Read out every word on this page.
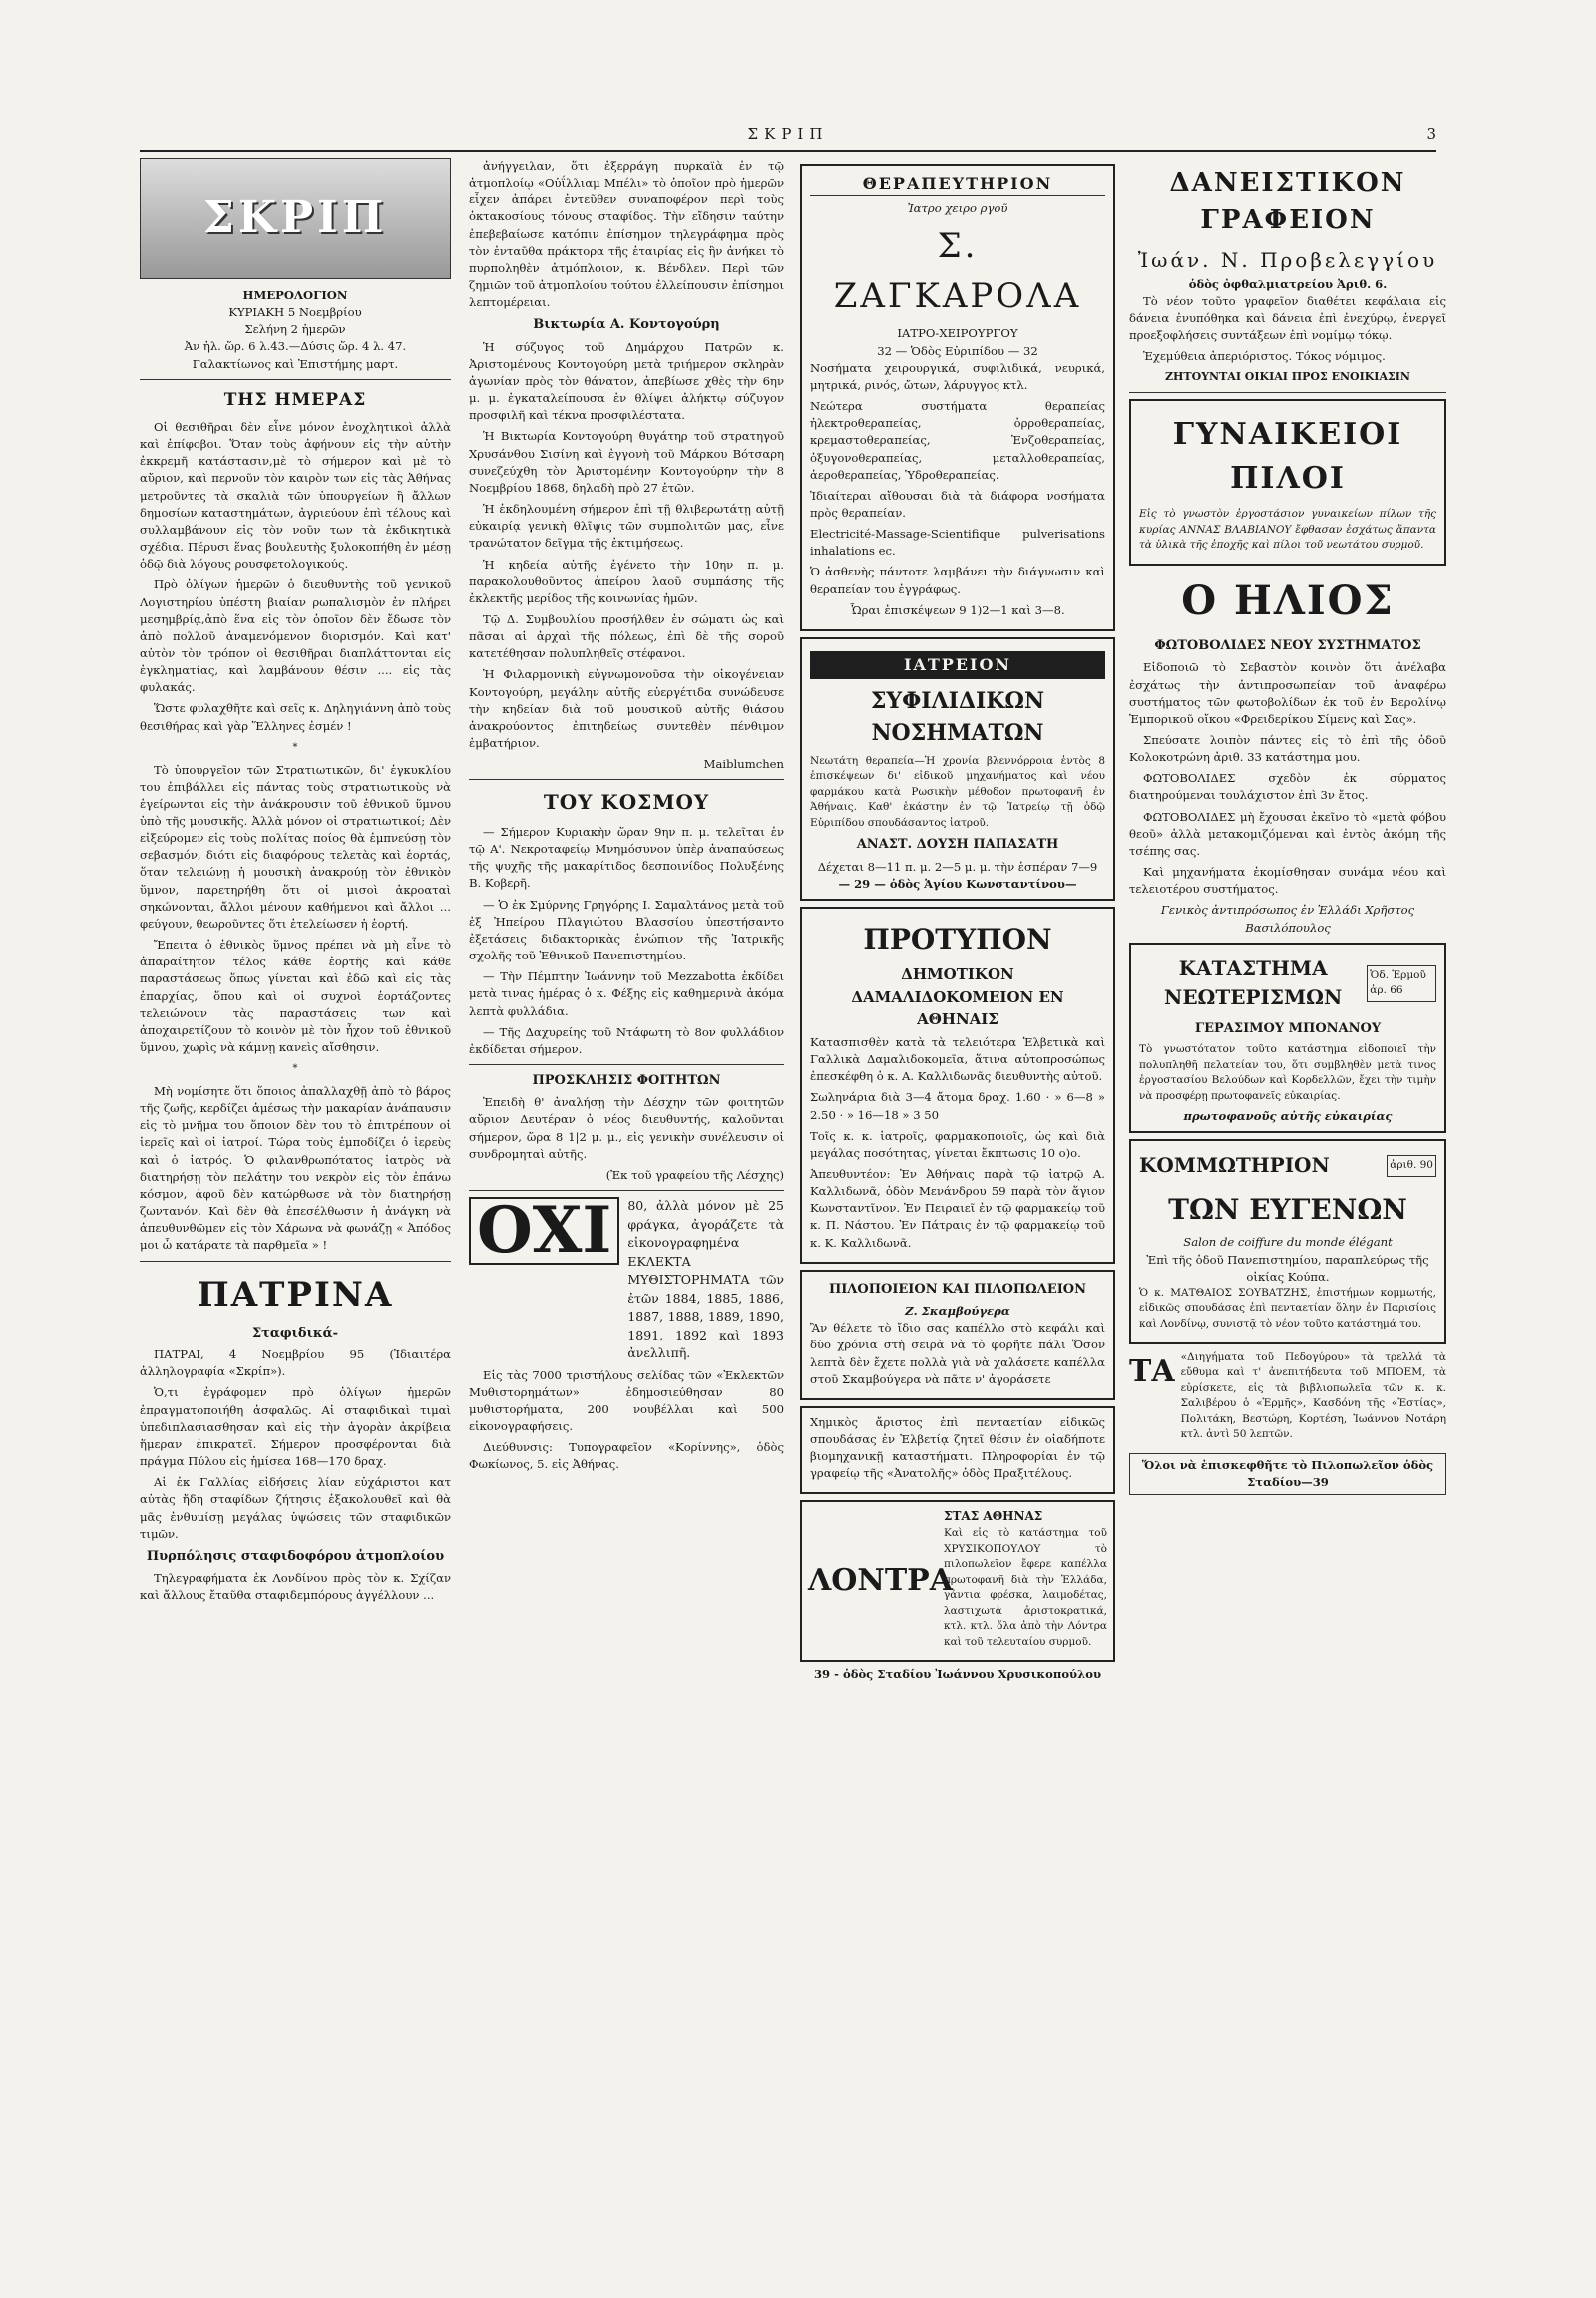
ΣΚΡΙΠ	3
ΣΚΡΙΠ
ΗΜΕΡΟΛΟΓΙΟΝ
ΚΥΡΙΑΚΗ 5 Νοεμβρίου
Σελήνη 2 ἡμερῶν
Ἀν ἡλ. ὥρ. 6 λ.43.—Δύσις ὥρ. 4 λ. 47.
Γαλακτίωνος καὶ Ἐπιστήμης μαρτ.
ΤΗΣ ΗΜΕΡΑΣ

Οἱ θεσιθῆραι δὲν εἶνε μόνον ἐνοχλητικοὶ ἀλλὰ καὶ ἐπίφοβοι. Ὅταν τοὺς ἀφήνουν εἰς τὴν αὐτὴν ἐκκρεμῆ κατάστασιν,μὲ τὸ σήμερον καὶ μὲ τὸ αὔριον, καὶ περνοῦν τὸν καιρὸν των εἰς τὰς Ἀθήνας μετροῦντες τὰ σκαλιὰ τῶν ὑπουργείων ἢ ἄλλων δημοσίων καταστημάτων, ἀγριεύουν ἐπὶ τέλους καὶ συλλαμβάνουν εἰς τὸν νοῦν των τὰ ἐκδικητικὰ σχέδια. Πέρυσι ἕνας βουλευτὴς ξυλοκοπήθη ἐν μέσῃ ὁδῷ διὰ λόγους ρουσφετολογικούς.

Πρὸ ὀλίγων ἡμερῶν ὁ διευθυντὴς τοῦ γενικοῦ Λογιστηρίου ὑπέστη βιαίαν ρωπαλισμὸν ἐν πλήρει μεσημβρίᾳ,ἀπὸ ἕνα εἰς τὸν ὁποῖον δὲν ἔδωσε τὸν ἀπὸ πολλοῦ ἀναμενόμενον διορισμόν. Καὶ κατ' αὐτὸν τὸν τρόπον οἱ θεσιθῆραι διαπλάττονται εἰς ἐγκληματίας, καὶ λαμβάνουν θέσιν .... εἰς τὰς φυλακάς.

Ὥστε φυλαχθῆτε καὶ σεῖς κ. Δηληγιάννη ἀπὸ τοὺς θεσιθήρας καὶ γὰρ Ἕλληνες ἐσμέν !

*

Τὸ ὑπουργεῖον τῶν Στρατιωτικῶν, δι' ἐγκυκλίου του ἐπιβάλλει εἰς πάντας τοὺς στρατιωτικοὺς νὰ ἐγείρωνται εἰς τὴν ἀνάκρουσιν τοῦ ἐθνικοῦ ὕμνου ὑπὸ τῆς μουσικῆς. Ἀλλὰ μόνον οἱ στρατιωτικοί; Δὲν εἰξεύρομεν εἰς τοὺς πολίτας ποίος θὰ ἐμπνεύσῃ τὸν σεβασμόν, διότι εἰς διαφόρους τελετὰς καὶ ἑορτάς, ὅταν τελειώνῃ ἡ μουσικὴ ἀνακρούῃ τὸν ἐθνικὸν ὕμνον, παρετηρήθη ὅτι οἱ μισοὶ ἀκροαταὶ σηκώνονται, ἄλλοι μένουν καθήμενοι καὶ ἄλλοι ... φεύγουν, θεωροῦντες ὅτι ἐτελείωσεν ἡ ἑορτή.

Ἔπειτα ὁ ἐθνικὸς ὕμνος πρέπει νὰ μὴ εἶνε τὸ ἀπαραίτητον τέλος κάθε ἑορτῆς καὶ κάθε παραστάσεως ὅπως γίνεται καὶ ἐδῶ καὶ εἰς τὰς ἐπαρχίας, ὅπου καὶ οἱ συχνοὶ ἑορτάζοντες τελειώνουν τὰς παραστάσεις των καὶ ἀποχαιρετίζουν τὸ κοινὸν μὲ τὸν ἦχον τοῦ ἐθνικοῦ ὕμνου, χωρὶς νὰ κάμνῃ κανεὶς αἴσθησιν.

*

Μὴ νομίσητε ὅτι ὅποιος ἀπαλλαχθῇ ἀπὸ τὸ βάρος τῆς ζωῆς, κερδίζει ἀμέσως τὴν μακαρίαν ἀνάπαυσιν εἰς τὸ μνῆμα του ὅποιον δὲν του τὸ ἐπιτρέπουν οἱ ἱερεῖς καὶ οἱ ἰατροί. Τώρα τοὺς ἐμποδίζει ὁ ἰερεὺς καὶ ὁ ἰατρός. Ὁ φιλανθρωπότατος ἰατρὸς νὰ διατηρήσῃ τὸν πελάτην του νεκρὸν εἰς τὸν ἐπάνω κόσμον, ἀφοῦ δὲν κατώρθωσε νὰ τὸν διατηρήσῃ ζωντανόν. Καὶ δὲν θὰ ἐπεσέλθωσιν ἡ ἀνάγκη νὰ ἀπευθυνθῶμεν εἰς τὸν Χάρωνα νὰ φωνάζῃ « Ἀπόδος μοι ὦ κατάρατε τὰ παρθμεῖα » !

ΠΑΤΡΙΝΑ
Σταφιδικά-

ΠΑΤΡΑΙ, 4 Νοεμβρίου 95 (Ἰδιαιτέρα ἀλληλογραφία «Σκρίπ»).

Ὁ,τι ἐγράφομεν πρὸ ὀλίγων ἡμερῶν ἐπραγματοποιήθη ἀσφαλῶς. Αἱ σταφιδικαὶ τιμαὶ ὑπεδιπλασιασθησαν καὶ εἰς τὴν ἀγορὰν ἀκρίβεια ἥμεραν ἐπικρατεῖ. Σήμερον προσφέρονται διὰ πράγμα Πύλου εἰς ἡμίσεα 168—170 δραχ.

Αἱ ἐκ Γαλλίας εἰδήσεις λίαν εὐχάριστοι κατ αὐτὰς ἤδη σταφίδων ζήτησις ἐξακολουθεῖ καὶ θὰ μᾶς ἐνθυμίσῃ μεγάλας ὑψώσεις τῶν σταφιδικῶν τιμῶν.

Πυρπόλησις σταφιδοφόρου ἀτμοπλοίου

Τηλεγραφήματα ἐκ Λονδίνου πρὸς τὸν κ. Σχίζαν καὶ ἄλλους ἔταῦθα σταφιδεμπόρους ἀγγέλλουν ...

ἀνήγγειλαν, ὅτι ἐξερράγη πυρκαϊὰ ἐν τῷ ἀτμοπλοίῳ «Οὐΐλλιαμ Μπέλι» τὸ ὁποῖον πρὸ ἡμερῶν εἶχεν ἀπάρει ἐντεῦθεν συναποφέρον περὶ τοὺς ὀκτακοσίους τόνους σταφίδος. Τὴν εἴδησιν ταύτην ἐπεβεβαίωσε κατόπιν ἐπίσημον τηλεγράφημα πρὸς τὸν ἐνταῦθα πράκτορα τῆς ἑταιρίας εἰς ἣν ἀνήκει τὸ πυρποληθὲν ἀτμόπλοιον, κ. Βένδλεν. Περὶ τῶν ζημιῶν τοῦ ἀτμοπλοίου τούτου ἐλλείπουσιν ἐπίσημοι λεπτομέρειαι.

Βικτωρία Α. Κοντογούρη

Ἡ σύζυγος τοῦ Δημάρχου Πατρῶν κ. Ἀριστομένους Κοντογούρη μετὰ τριήμερον σκληρὰν ἀγωνίαν πρὸς τὸν θάνατον, ἀπεβίωσε χθὲς τὴν 6ην μ. μ. ἐγκαταλείπουσα ἐν θλίψει ἀλήκτῳ σύζυγον προσφιλῆ καὶ τέκνα προσφιλέστατα.

Ἡ Βικτωρία Κοντογούρη θυγάτηρ τοῦ στρατηγοῦ Χρυσάνθου Σισίνη καὶ ἐγγονὴ τοῦ Μάρκου Βότσαρη συνεζεύχθη τὸν Ἀριστομένην Κοντογούρην τὴν 8 Νοεμβρίου 1868, δηλαδὴ πρὸ 27 ἐτῶν.

Ἡ ἐκδηλουμένη σήμερον ἐπὶ τῇ θλιβερωτάτῃ αὐτῇ εὐκαιρίᾳ γενικὴ θλῖψις τῶν συμπολιτῶν μας, εἶνε τρανώτατον δεῖγμα τῆς ἐκτιμήσεως.

Ἡ κηδεία αὐτῆς ἐγένετο τὴν 10ην π. μ. παρακολουθοῦντος ἀπείρου λαοῦ συμπάσης τῆς ἐκλεκτῆς μερίδος τῆς κοινωνίας ἡμῶν.

Τῷ Δ. Συμβουλίου προσήλθεν ἐν σώματι ὡς καὶ πᾶσαι αἱ ἀρχαὶ τῆς πόλεως, ἐπὶ δὲ τῆς σοροῦ κατετέθησαν πολυπληθεῖς στέφανοι.

Ἡ Φιλαρμονικὴ εὐγνωμονοῦσα τὴν οἰκογένειαν Κοντογούρη, μεγάλην αὐτῆς εὐεργέτιδα συνώδευσε τὴν κηδείαν διὰ τοῦ μουσικοῦ αὐτῆς θιάσου ἀνακρούοντος ἐπιτηδείως συντεθὲν πένθιμον ἐμβατήριον.

Maiblumchen
ΤΟΥ ΚΟΣΜΟΥ

— Σήμερον Κυριακὴν ὥραν 9ην π. μ. τελεῖται ἐν τῷ Α'. Νεκροταφείῳ Μνημόσυνον ὑπὲρ ἀναπαύσεως τῆς ψυχῆς τῆς μακαρίτιδος δεσποινίδος Πολυξένης Β. Κοβερῆ.

— Ὁ ἐκ Σμύρνης Γρηγόρης Ι. Σαμαλτάνος μετὰ τοῦ ἐξ Ἠπείρου Πλαγιώτου Βλασσίου ὑπεστήσαντο ἐξετάσεις διδακτορικὰς ἐνώπιον τῆς Ἰατρικῆς σχολῆς τοῦ Ἐθνικοῦ Πανεπιστημίου.

— Τὴν Πέμπτην Ἰωάννην τοῦ Mezzabotta ἐκδίδει μετὰ τινας ἡμέρας ὁ κ. Φέξης εἰς καθημερινὰ ἀκόμα λεπτὰ φυλλάδια.

— Τῆς Δαχυρείης τοῦ Ντάφωτη τὸ 8ον φυλλάδιον ἐκδίδεται σήμερον.

ΠΡΟΣΚΛΗΣΙΣ ΦΟΙΤΗΤΩΝ

Ἐπειδὴ θ' ἀναλήσῃ τὴν Δέσχην τῶν φοιτητῶν αὔριον Δευτέραν ὁ νέος διευθυντής, καλοῦνται σήμερον, ὥρα 8 1|2 μ. μ., εἰς γενικὴν συνέλευσιν οἱ συνδρομηταὶ αὐτῆς.

(Ἐκ τοῦ γραφείου τῆς Λέσχης)
ΟΧΙ	80, ἀλλὰ μόνον μὲ 25 φράγκα, ἀγοράζετε τὰ εἰκονογραφημένα ΕΚΛΕΚΤΑ ΜΥΘΙΣΤΟΡΗΜΑΤΑ τῶν ἐτῶν 1884, 1885, 1886, 1887, 1888, 1889, 1890, 1891, 1892 καὶ 1893 ἀνελλιπῆ.

Εἰς τὰς 7000 τριστήλους σελίδας τῶν «Ἐκλεκτῶν Μυθιστορημάτων» ἐδημοσιεύθησαν 80 μυθιστορήματα, 200 νουβέλλαι καὶ 500 εἰκονογραφήσεις.

Διεύθυνσις: Τυπογραφεῖον «Κορίννης», ὁδὸς Φωκίωνος, 5. εἰς Ἀθήνας.

ΘΕΡΑΠΕΥΤΗΡΙΟΝ
Ἰατρο χειρο ργοῦ
Σ. ΖΑΓΚΑΡΟΛΑ
ΙΑΤΡΟ-ΧΕΙΡΟΥΡΓΟΥ
32 — Ὁδὸς Εὐριπίδου — 32

Νοσήματα χειρουργικά, συφιλιδικά, νευρικά, μητρικά, ρινός, ὤτων, λάρυγγος κτλ.

Νεώτερα συστήματα θεραπείας ἠλεκτροθεραπείας, ὀρροθεραπείας, κρεμαστοθεραπείας, Ἐνζοθεραπείας, ὀξυγονοθεραπείας, μεταλλοθεραπείας, ἀεροθεραπείας, Ὑδροθεραπείας.

Ἰδιαίτεραι αἴθουσαι διὰ τὰ διάφορα νοσήματα πρὸς θεραπείαν.

Electricité-Massage-Scientifique pulverisations inhalations ec.

Ὁ ἀσθενὴς πάντοτε λαμβάνει τὴν διάγνωσιν καὶ θεραπείαν του ἐγγράφως.

Ὧραι ἐπισκέψεων 9 1)2—1 καὶ 3—8.

ΙΑΤΡΕΙΟΝ
ΣΥΦΙΛΙΔΙΚΩΝ ΝΟΣΗΜΑΤΩΝ

Νεωτάτη θεραπεία—Ἡ χρονία βλεννόρροια ἐντὸς 8 ἐπισκέψεων δι' εἰδικοῦ μηχανήματος καὶ νέου φαρμάκου κατὰ Ρωσικὴν μέθοδον πρωτοφανῆ ἐν Ἀθήναις. Καθ' ἑκάστην ἐν τῷ Ἰατρείῳ τῇ ὁδῷ Εὐριπίδου σπουδάσαντος ἰατροῦ.

ΑΝΑΣΤ. ΔΟΥΣΗ ΠΑΠΑΣΑΤΗ
Δέχεται 8—11 π. μ. 2—5 μ. μ. τὴν ἑσπέραν 7—9
— 29 — ὁδὸς Ἁγίου Κωνσταντίνου—
ΠΡΟΤΥΠΟΝ
ΔΗΜΟΤΙΚΟΝ ΔΑΜΑΛΙΔΟΚΟΜΕΙΟΝ ΕΝ ΑΘΗΝΑΙΣ

Κατασπισθὲν κατὰ τὰ τελειότερα Ἑλβετικὰ καὶ Γαλλικὰ Δαμαλιδοκομεῖα, ἅτινα αὐτοπροσώπως ἐπεσκέφθη ὁ κ. Α. Καλλιδωνᾶς διευθυντὴς αὐτοῦ.

Σωληνάρια διὰ 3—4 ἄτομα δραχ. 1.60 · » 6—8 » 2.50 · » 16—18 » 3 50

Τοῖς κ. κ. ἰατροῖς, φαρμακοποιοῖς, ὡς καὶ διὰ μεγάλας ποσότητας, γίνεται ἔκπτωσις 10 ο)ο.

Ἀπευθυντέον: Ἐν Ἀθήναις παρὰ τῷ ἰατρῷ Α. Καλλιδωνᾶ, ὁδὸν Μενάνδρου 59 παρὰ τὸν ἅγιον Κωνσταντῖνον. Ἐν Πειραιεῖ ἐν τῷ φαρμακείῳ τοῦ κ. Π. Νάστου. Ἐν Πάτραις ἐν τῷ φαρμακείῳ τοῦ κ. Κ. Καλλιδωνᾶ.

ΠΙΛΟΠΟΙΕΙΟΝ ΚΑΙ ΠΙΛΟΠΩΛΕΙΟΝ
Ζ. Σκαμβούγερα

Ἂν θέλετε τὸ ἴδιο σας καπέλλο στὸ κεφάλι καὶ δύο χρόνια στὴ σειρὰ νὰ τὸ φορῆτε πάλι Ὅσον λεπτὰ δὲν ἔχετε πολλὰ γιὰ νὰ χαλάσετε καπέλλα στοῦ Σκαμβούγερα νὰ πᾶτε ν' ἀγοράσετε

Χημικὸς ἄριστος ἐπὶ πενταετίαν εἰδικῶς σπουδάσας ἐν Ἑλβετίᾳ ζητεῖ θέσιν ἐν οἰαδήποτε βιομηχανικῇ καταστήματι. Πληροφορίαι ἐν τῷ γραφείῳ τῆς «Ἀνατολῆς» ὁδὸς Πραξιτέλους.

ΛΟΝΤΡΑ
ΣΤΑΣ ΑΘΗΝΑΣ

Καὶ εἰς τὸ κατάστημα τοῦ ΧΡΥΣΙΚΟΠΟΥΛΟΥ τὸ πιλοπωλεῖον ἔφερε καπέλλα πρωτοφανῆ διὰ τὴν Ἑλλάδα, γάντια φρέσκα, λαιμοδέτας, λαστιχωτὰ ἀριστοκρατικά, κτλ. κτλ. ὅλα ἀπὸ τὴν Λόντρα καὶ τοῦ τελευταίου συρμοῦ.

39 - ὁδὸς Σταδίου Ἰωάννου Χρυσικοπούλου
ΔΑΝΕΙΣΤΙΚΟΝ ΓΡΑΦΕΙΟΝ
Ἰωάν. Ν. Προβελεγγίου
ὁδὸς ὀφθαλμιατρείου Ἀριθ. 6.

Τὸ νέον τοῦτο γραφεῖον διαθέτει κεφάλαια εἰς δάνεια ἐνυπόθηκα καὶ δάνεια ἐπὶ ἐνεχύρῳ, ἐνεργεῖ προεξοφλήσεις συντάξεων ἐπὶ νομίμῳ τόκῳ.

Ἐχεμύθεια ἀπεριόριστος. Τόκος νόμιμος.

ΖΗΤΟΥΝΤΑΙ ΟΙΚΙΑΙ ΠΡΟΣ ΕΝΟΙΚΙΑΣΙΝ
ΓΥΝΑΙΚΕΙΟΙ ΠΙΛΟΙ

Εἰς τὸ γνωστὸν ἐργοστάσιον γυναικείων πίλων τῆς κυρίας ΑΝΝΑΣ ΒΛΑΒΙΑΝΟΥ ἔφθασαν ἐσχάτως ἅπαντα τὰ ὑλικὰ τῆς ἐποχῆς καὶ πίλοι τοῦ νεωτάτου συρμοῦ.

Ο ΗΛΙΟΣ
ΦΩΤΟΒΟΛΙΔΕΣ ΝΕΟΥ ΣΥΣΤΗΜΑΤΟΣ

Εἰδοποιῶ τὸ Σεβαστὸν κοινὸν ὅτι ἀνέλαβα ἐσχάτως τὴν ἀντιπροσωπείαν τοῦ ἀναφέρω συστήματος τῶν φωτοβολίδων ἐκ τοῦ ἐν Βερολίνῳ Ἐμπορικοῦ οἴκου «Φρειδερίκου Σίμενς καὶ Σας».

Σπεύσατε λοιπὸν πάντες εἰς τὸ ἐπὶ τῆς ὁδοῦ Κολοκοτρώνη ἀριθ. 33 κατάστημα μου.

ΦΩΤΟΒΟΛΙΔΕΣ σχεδὸν ἐκ σύρματος διατηρούμεναι τουλάχιστον ἐπὶ 3ν ἔτος.

ΦΩΤΟΒΟΛΙΔΕΣ μὴ ἔχουσαι ἐκεῖνο τὸ «μετὰ φόβου θεοῦ» ἀλλὰ μετακομιζόμεναι καὶ ἐντὸς ἀκόμη τῆς τσέπης σας.

Καὶ μηχανήματα ἐκομίσθησαν συνάμα νέου καὶ τελειοτέρου συστήματος.

Γενικὸς ἀντιπρόσωπος ἐν Ἑλλάδι Χρῆστος Βασιλόπουλος
ΚΑΤΑΣΤΗΜΑ ΝΕΩΤΕΡΙΣΜΩΝ
Ὁδ. Ἑρμοῦ ἀρ. 66
ΓΕΡΑΣΙΜΟΥ ΜΠΟΝΑΝΟΥ

Τὸ γνωστότατον τοῦτο κατάστημα εἰδοποιεῖ τὴν πολυπληθῆ πελατείαν του, ὅτι συμβληθὲν μετὰ τινος ἐργοστασίου Βελούδων καὶ Κορδελλῶν, ἔχει τὴν τιμὴν νὰ προσφέρῃ πρωτοφανεῖς εὐκαιρίας.

πρωτοφανοῦς αὐτῆς εὐκαιρίας
ΚΟΜΜΩΤΗΡΙΟΝ	ἀριθ. 90
ΤΩΝ ΕΥΓΕΝΩΝ
Salon de coiffure du monde élégant
Ἐπὶ τῆς ὁδοῦ Πανεπιστημίου, παραπλεύρως τῆς οἰκίας Κούπα.

Ὁ κ. ΜΑΤΘΑΙΟΣ ΣΟΥΒΑΤΖΗΣ, ἐπιστήμων κομμωτής, εἰδικῶς σπουδάσας ἐπὶ πενταετίαν ὅλην ἐν Παρισίοις καὶ Λονδίνῳ, συνιστᾷ τὸ νέον τοῦτο κατάστημά του.

ΤΑ «Διηγήματα τοῦ Πεδογύρου» τὰ τρελλά τὰ εὔθυμα καὶ τ' ἀνεπιτήδευτα τοῦ ΜΠΟΕΜ, τὰ εὑρίσκετε, εἰς τὰ βιβλιοπωλεῖα τῶν κ. κ. Σαλιβέρου ὁ «Ἑρμῆς», Κασδόνη τῆς «Ἑστίας», Πολιτάκη, Βεστώρη, Κορτέση, Ἰωάννου Νοτάρη κτλ. ἀντὶ 50 λεπτῶν.

Ὅλοι νὰ ἐπισκεφθῆτε τὸ Πιλοπωλεῖον ὁδὸς Σταδίου—39
